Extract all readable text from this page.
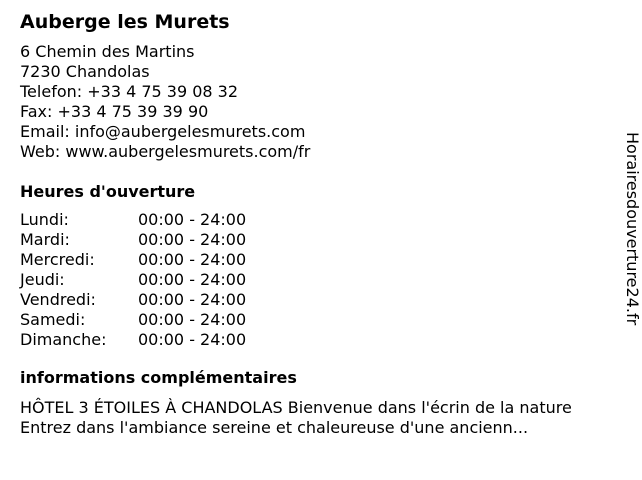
Auberge les Murets
6 Chemin des Martins
7230 Chandolas
Telefon: +33 4 75 39 08 32
Fax: +33 4 75 39 39 90
Email: info@aubergelesmurets.com
Web: www.aubergelesmurets.com/fr
Heures d'ouverture
Lundi:	00:00 - 24:00
Mardi:	00:00 - 24:00
Mercredi:	00:00 - 24:00
Jeudi:	00:00 - 24:00
Vendredi:	00:00 - 24:00
Samedi:	00:00 - 24:00
Dimanche:	00:00 - 24:00
informations complémentaires
HÔTEL 3 ÉTOILES À CHANDOLAS Bienvenue dans l'écrin de la nature
Entrez dans l'ambiance sereine et chaleureuse d'une ancienn...
Horairesdouverture24.fr
